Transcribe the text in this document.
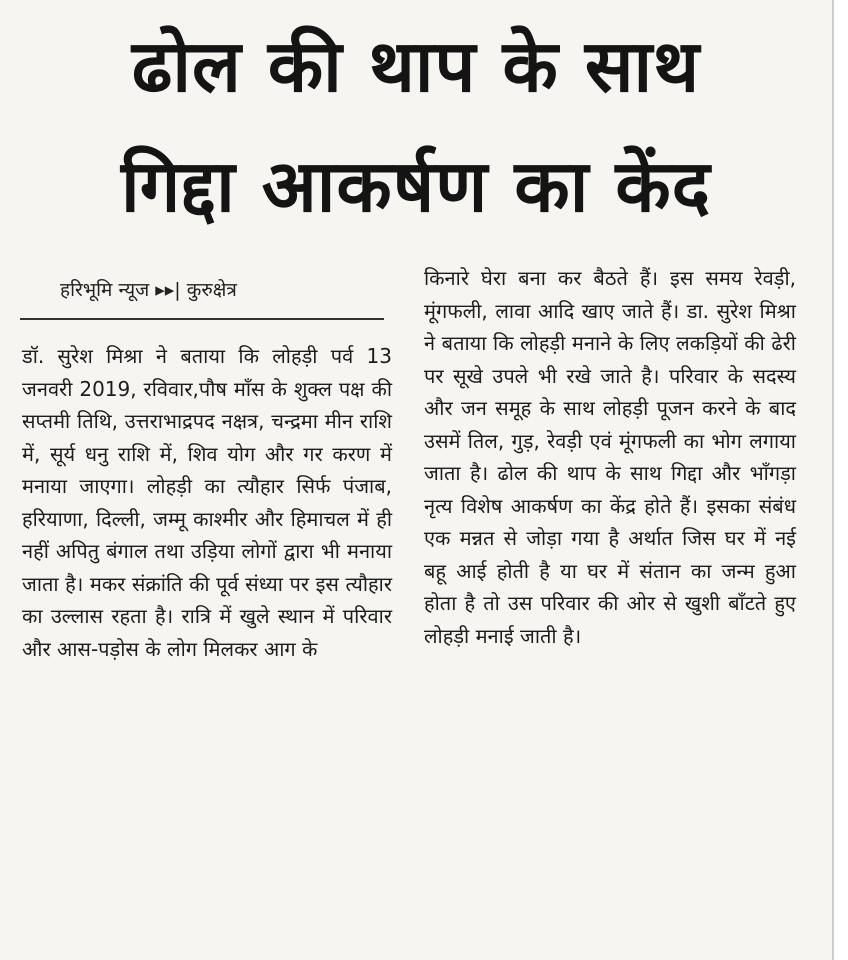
ढोल की थाप के साथ
गिद्दा आकर्षण का केंद
हरिभूमि न्यूज ▸▸| कुरुक्षेत्र

डॉ. सुरेश मिश्रा ने बताया कि लोहड़ी पर्व 13 जनवरी 2019, रविवार,पौष माँस के शुक्ल पक्ष की सप्तमी तिथि, उत्तराभाद्रपद नक्षत्र, चन्द्रमा मीन राशि में, सूर्य धनु राशि में, शिव योग और गर करण में मनाया जाएगा। लोहड़ी का त्यौहार सिर्फ पंजाब, हरियाणा, दिल्ली, जम्मू काश्मीर और हिमाचल में ही नहीं अपितु बंगाल तथा उड़िया लोगों द्वारा भी मनाया जाता है। मकर संक्रांति की पूर्व संध्या पर इस त्यौहार का उल्लास रहता है। रात्रि में खुले स्थान में परिवार और आस-पड़ोस के लोग मिलकर आग के

किनारे घेरा बना कर बैठते हैं। इस समय रेवड़ी, मूंगफली, लावा आदि खाए जाते हैं। डा. सुरेश मिश्रा ने बताया कि लोहड़ी मनाने के लिए लकड़ियों की ढेरी पर सूखे उपले भी रखे जाते है। परिवार के सदस्य और जन समूह के साथ लोहड़ी पूजन करने के बाद उसमें तिल, गुड़, रेवड़ी एवं मूंगफली का भोग लगाया जाता है। ढोल की थाप के साथ गिद्दा और भाँगड़ा नृत्य विशेष आकर्षण का केंद्र होते हैं। इसका संबंध एक मन्नत से जोड़ा गया है अर्थात जिस घर में नई बहू आई होती है या घर में संतान का जन्म हुआ होता है तो उस परिवार की ओर से खुशी बाँटते हुए लोहड़ी मनाई जाती है।
